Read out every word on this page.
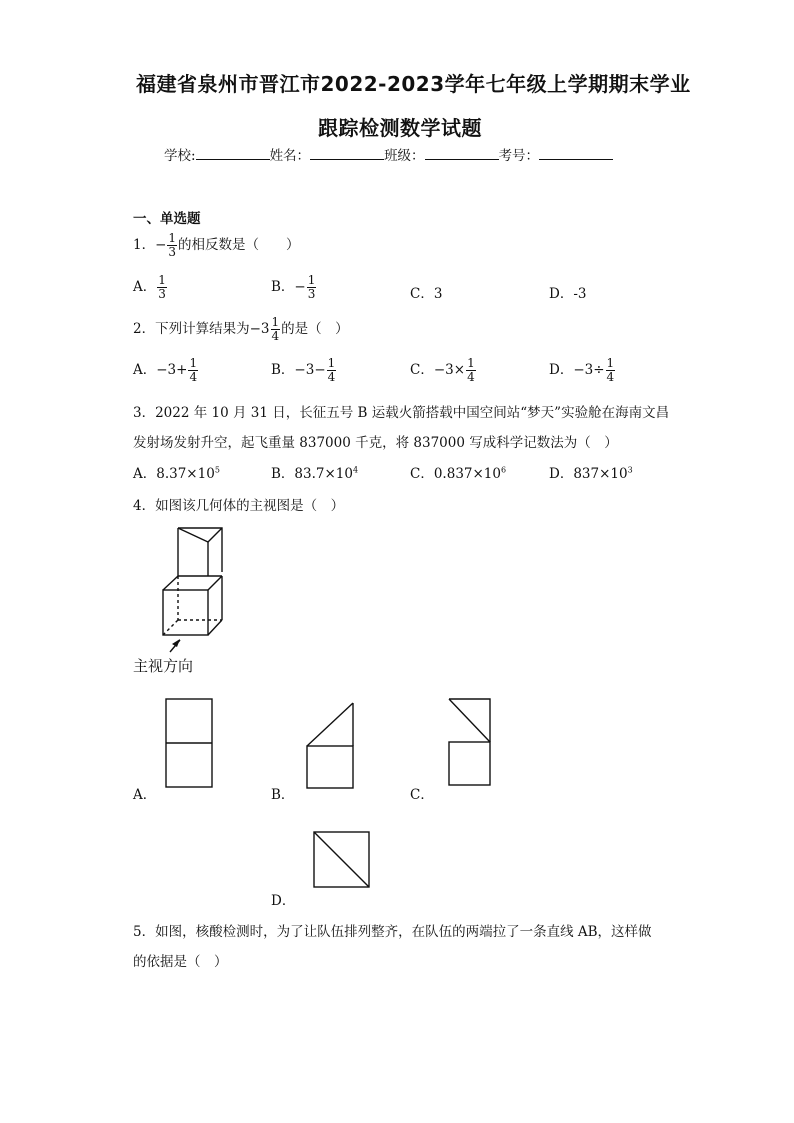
福建省泉州市晋江市2022-2023学年七年级上学期期末学业
跟踪检测数学试题
学校:	姓名：	班级：	考号：
一、单选题
1．− $\frac{1}{3}$ 的相反数是（　　）
A． $\frac{1}{3}$	B．− $\frac{1}{3}$	C．3	D．-3
2．下列计算结果为$-3 \frac{1}{4}$ 的是（　）
A．$-3+ \frac{1}{4}$	B．$-3- \frac{1}{4}$	C．$-3\times \frac{1}{4}$	D．$-3\div \frac{1}{4}$
3．2022 年 10 月 31 日，长征五号 B 运载火箭搭载中国空间站“梦天”实验舱在海南文昌
发射场发射升空，起飞重量 837000 千克，将 837000 写成科学记数法为（　）
A．$8.37\times 10^5$	B．$83.7\times 10^4$	C．$0.837\times 10^6$	D．$837\times 10^3$
4．如图该几何体的主视图是（　）
主视方向
A．	B．	C．
D．
5．如图，核酸检测时，为了让队伍排列整齐，在队伍的两端拉了一条直线 AB，这样做
的依据是（　）
